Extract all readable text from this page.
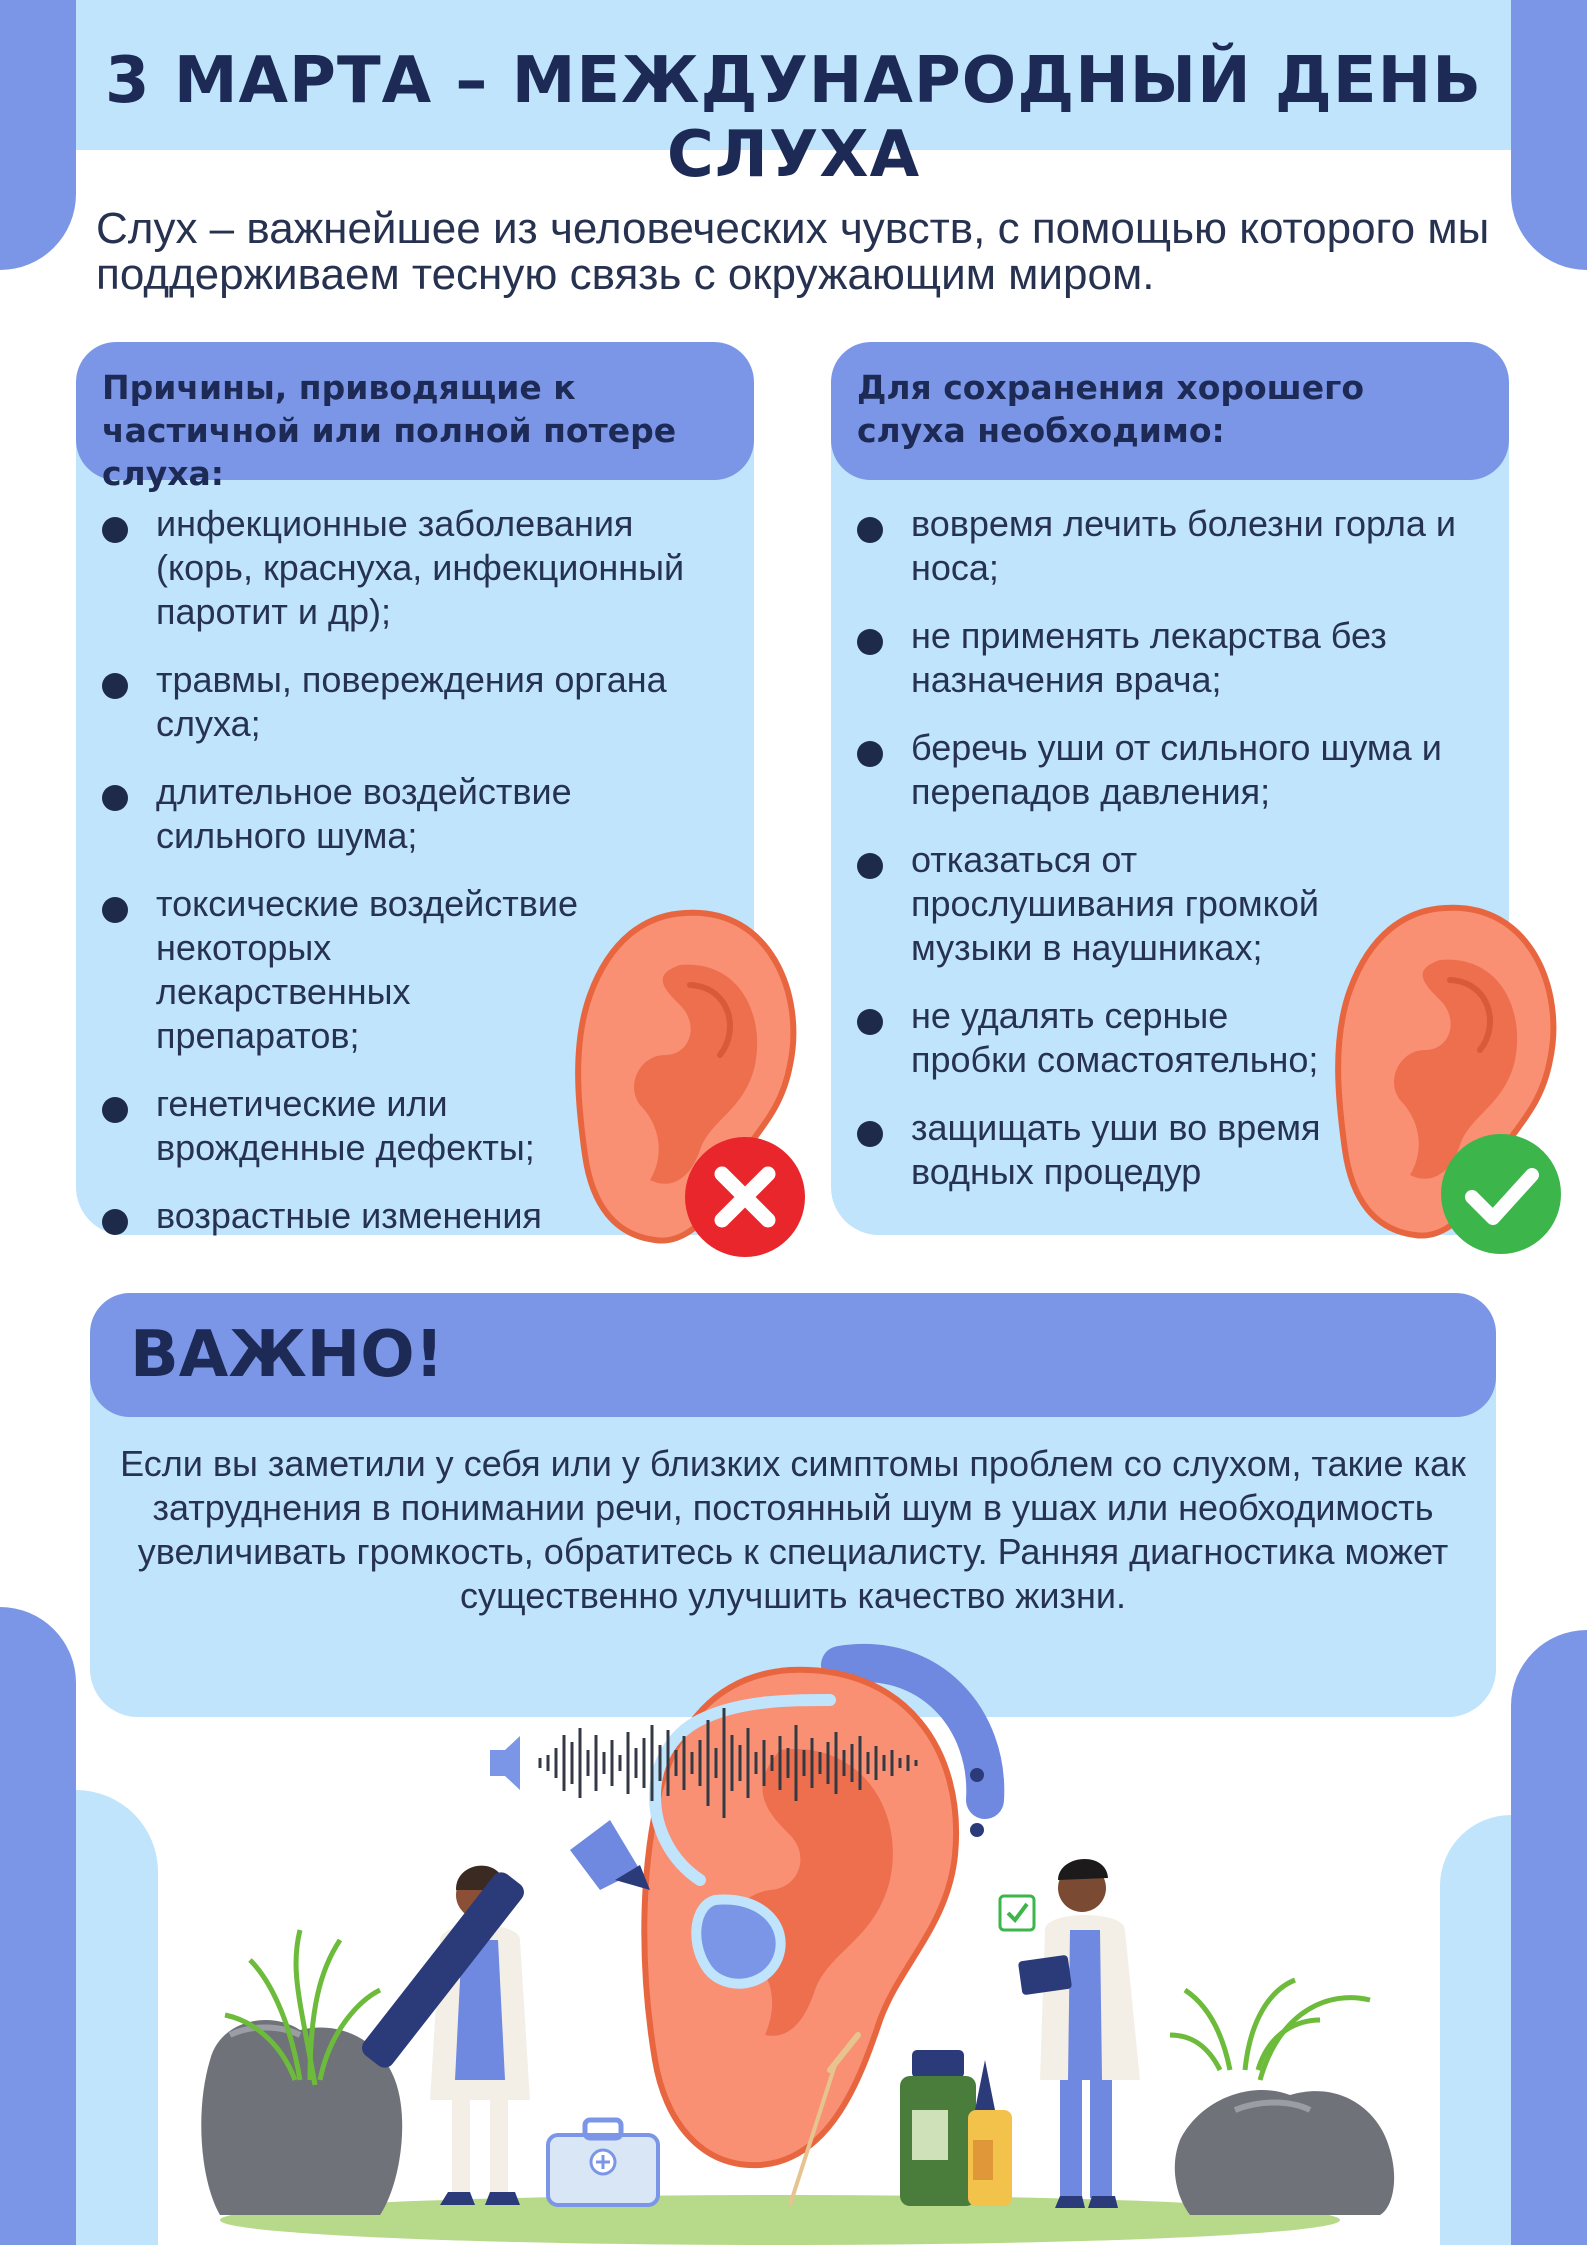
3 МАРТА – МЕЖДУНАРОДНЫЙ ДЕНЬ СЛУХА
Слух – важнейшее из человеческих чувств, с помощью которого мы поддерживаем тесную связь с окружающим миром.
Причины, приводящие к частичной или полной потере слуха:
инфекционные заболевания (корь, краснуха, инфекционный паротит и др);
травмы, повереждения органа слуха;
длительное воздействие сильного шума;
токсические воздействие некоторых лекарственных препаратов;
генетические или врожденные дефекты;
возрастные изменения
Для сохранения хорошего слуха необходимо:
вовремя лечить болезни горла и носа;
не применять лекарства без назначения врача;
беречь уши от сильного шума и перепадов давления;
отказаться от прослушивания громкой музыки в наушниках;
не удалять серные пробки сомастоятельно;
защищать уши во время водных процедур
ВАЖНО!
Если вы заметили у себя или у близких симптомы проблем со слухом, такие как затруднения в понимании речи, постоянный шум в ушах или необходимость увеличивать громкость, обратитесь к специалисту. Ранняя диагностика может существенно улучшить качество жизни.
